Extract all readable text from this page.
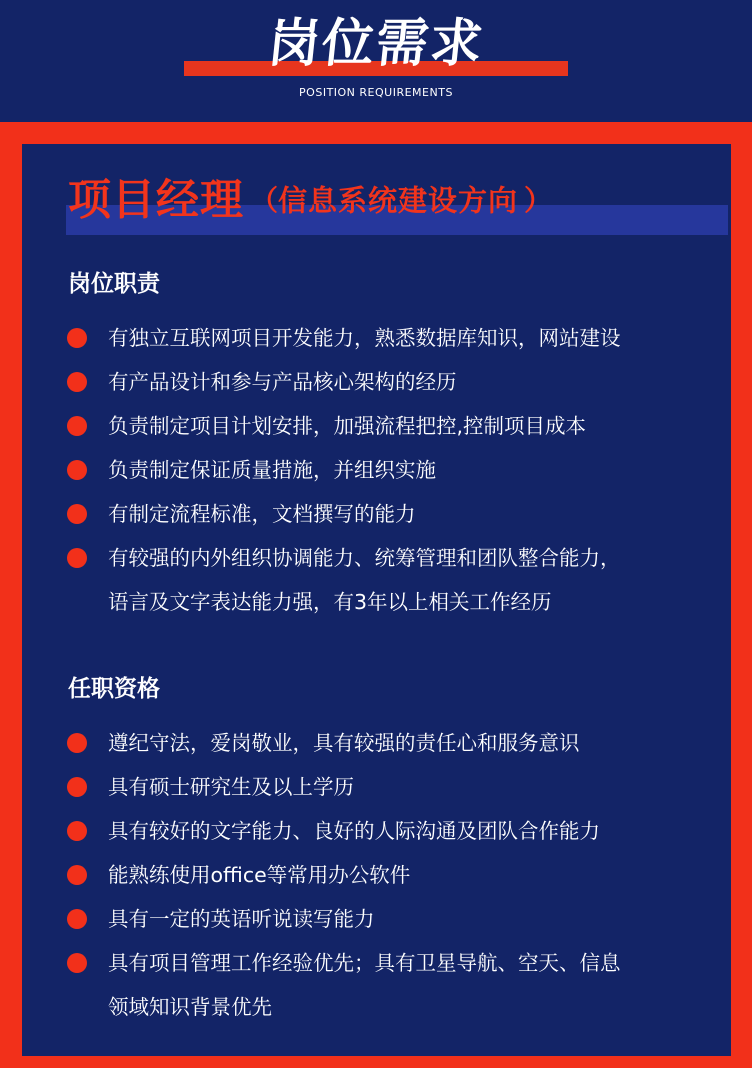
岗位需求
POSITION REQUIREMENTS
项目经理 （信息系统建设方向 ）
岗位职责
有独立互联网项目开发能力，熟悉数据库知识，网站建设
有产品设计和参与产品核心架构的经历
负责制定项目计划安排，加强流程把控,控制项目成本
负责制定保证质量措施，并组织实施
有制定流程标准，文档撰写的能力
有较强的内外组织协调能力、统筹管理和团队整合能力，
语言及文字表达能力强，有3年以上相关工作经历
任职资格
遵纪守法，爱岗敬业，具有较强的责任心和服务意识
具有硕士研究生及以上学历
具有较好的文字能力、良好的人际沟通及团队合作能力
能熟练使用office等常用办公软件
具有一定的英语听说读写能力
具有项目管理工作经验优先；具有卫星导航、空天、信息
领域知识背景优先
